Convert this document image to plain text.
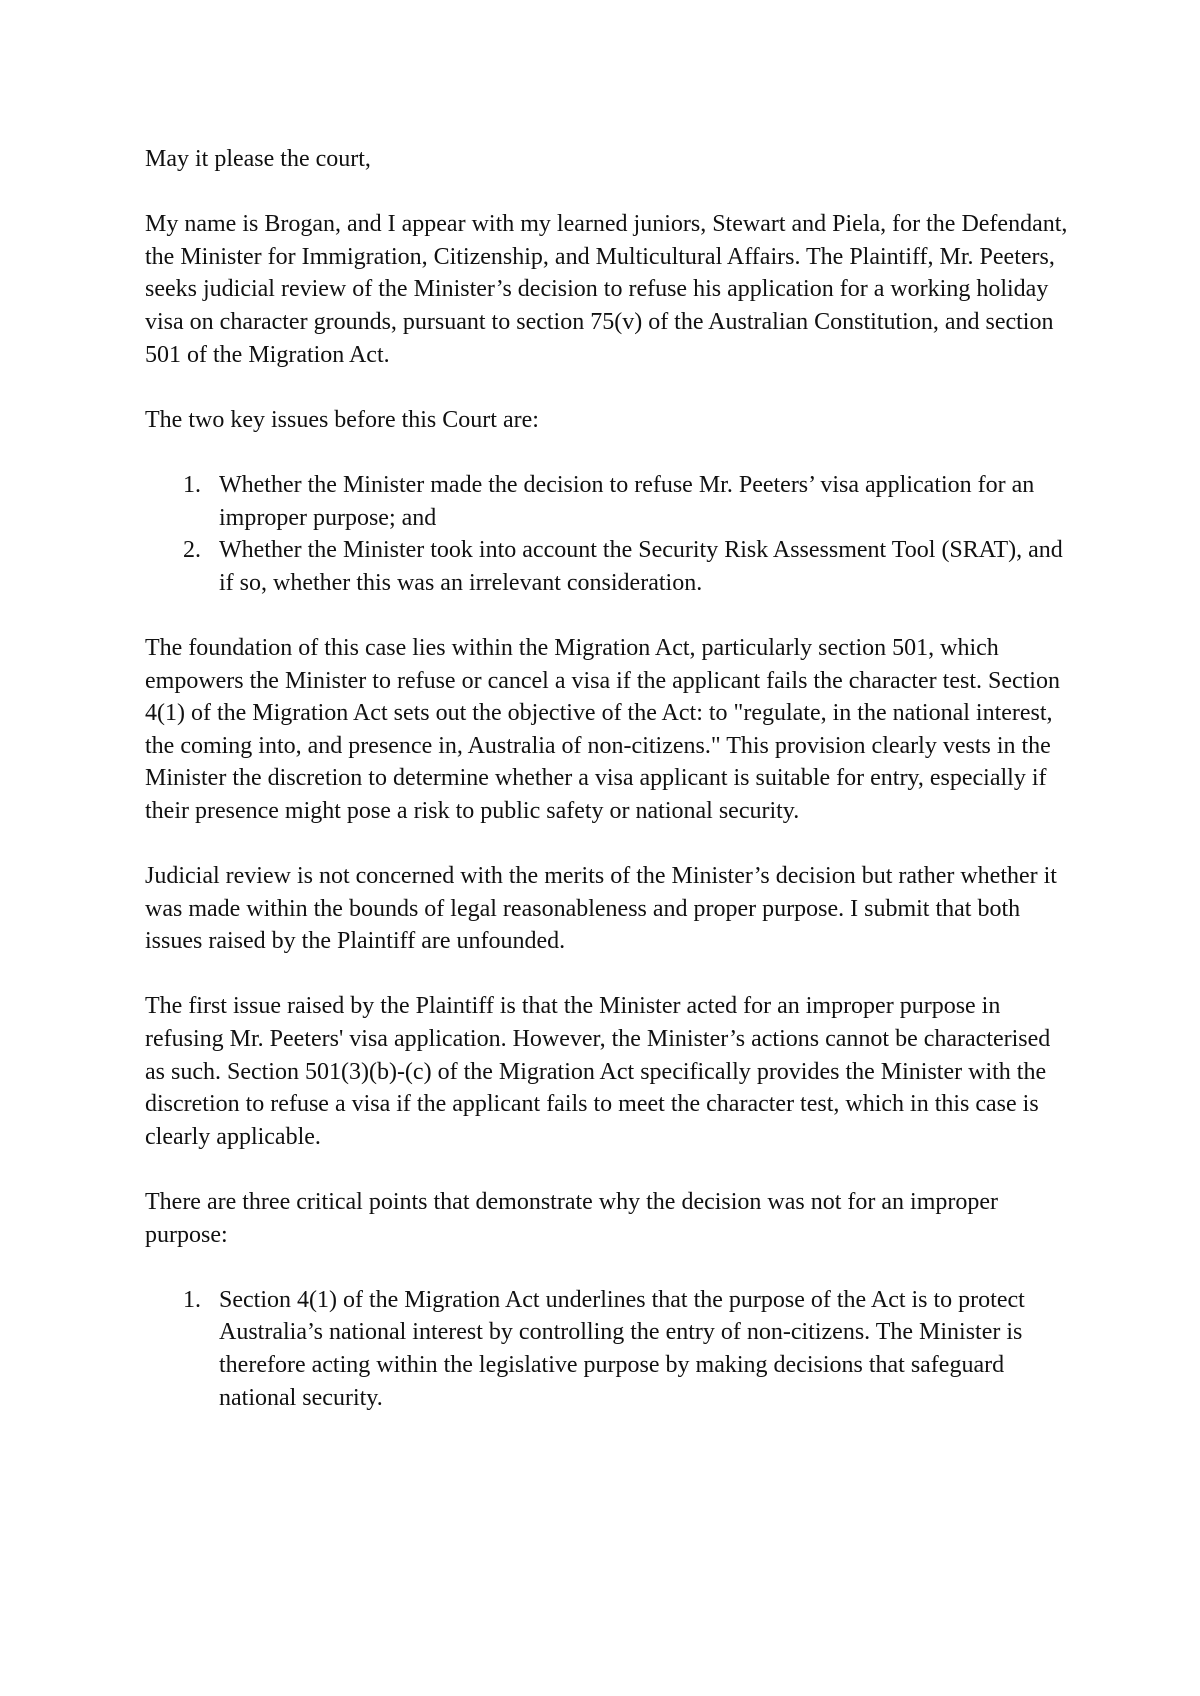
May it please the court,

My name is Brogan, and I appear with my learned juniors, Stewart and Piela, for the Defendant, the Minister for Immigration, Citizenship, and Multicultural Affairs. The Plaintiff, Mr. Peeters, seeks judicial review of the Minister’s decision to refuse his application for a working holiday visa on character grounds, pursuant to section 75(v) of the Australian Constitution, and section 501 of the Migration Act.

The two key issues before this Court are:

1. Whether the Minister made the decision to refuse Mr. Peeters’ visa application for an improper purpose; and
2. Whether the Minister took into account the Security Risk Assessment Tool (SRAT), and if so, whether this was an irrelevant consideration.

The foundation of this case lies within the Migration Act, particularly section 501, which empowers the Minister to refuse or cancel a visa if the applicant fails the character test. Section 4(1) of the Migration Act sets out the objective of the Act: to "regulate, in the national interest, the coming into, and presence in, Australia of non-citizens." This provision clearly vests in the Minister the discretion to determine whether a visa applicant is suitable for entry, especially if their presence might pose a risk to public safety or national security.

Judicial review is not concerned with the merits of the Minister’s decision but rather whether it was made within the bounds of legal reasonableness and proper purpose. I submit that both issues raised by the Plaintiff are unfounded.

The first issue raised by the Plaintiff is that the Minister acted for an improper purpose in refusing Mr. Peeters' visa application. However, the Minister’s actions cannot be characterised as such. Section 501(3)(b)-(c) of the Migration Act specifically provides the Minister with the discretion to refuse a visa if the applicant fails to meet the character test, which in this case is clearly applicable.

There are three critical points that demonstrate why the decision was not for an improper purpose:

1. Section 4(1) of the Migration Act underlines that the purpose of the Act is to protect Australia’s national interest by controlling the entry of non-citizens. The Minister is therefore acting within the legislative purpose by making decisions that safeguard national security.
